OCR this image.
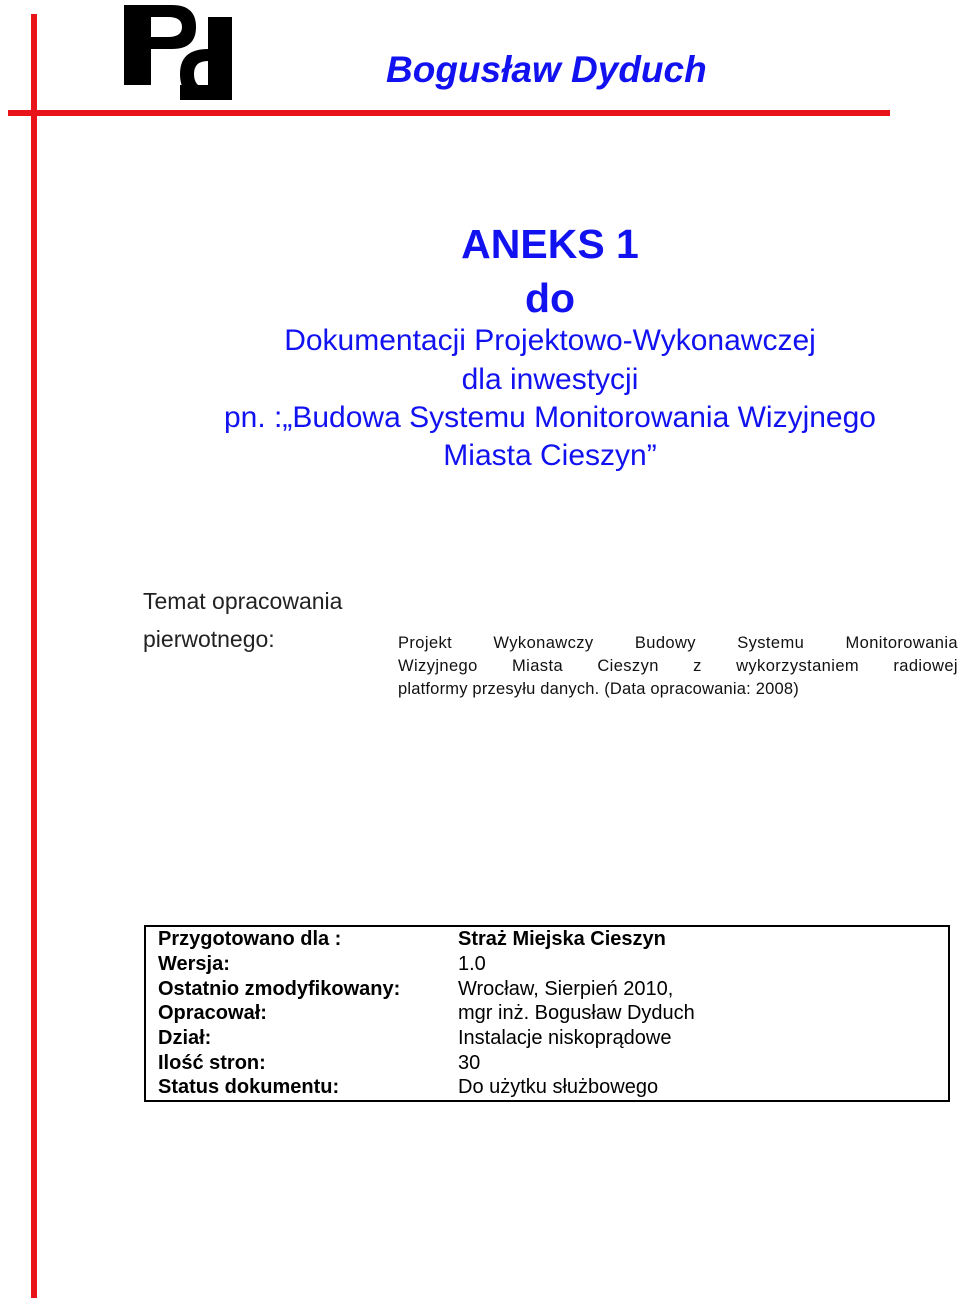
Bogusław Dyduch
ANEKS 1
do
Dokumentacji Projektowo-Wykonawczej
dla inwestycji
pn. :„Budowa Systemu Monitorowania Wizyjnego
Miasta Cieszyn”
Temat opracowania
pierwotnego:	Projekt Wykonawczy Budowy Systemu Monitorowania
Wizyjnego Miasta Cieszyn z wykorzystaniem radiowej
platformy przesyłu danych. (Data opracowania: 2008)
Przygotowano dla :	Straż Miejska Cieszyn
Wersja:	1.0
Ostatnio zmodyfikowany:	Wrocław, Sierpień 2010,
Opracował:	mgr inż. Bogusław Dyduch
Dział:	Instalacje niskoprądowe
Ilość stron:	30
Status dokumentu:	Do użytku służbowego
